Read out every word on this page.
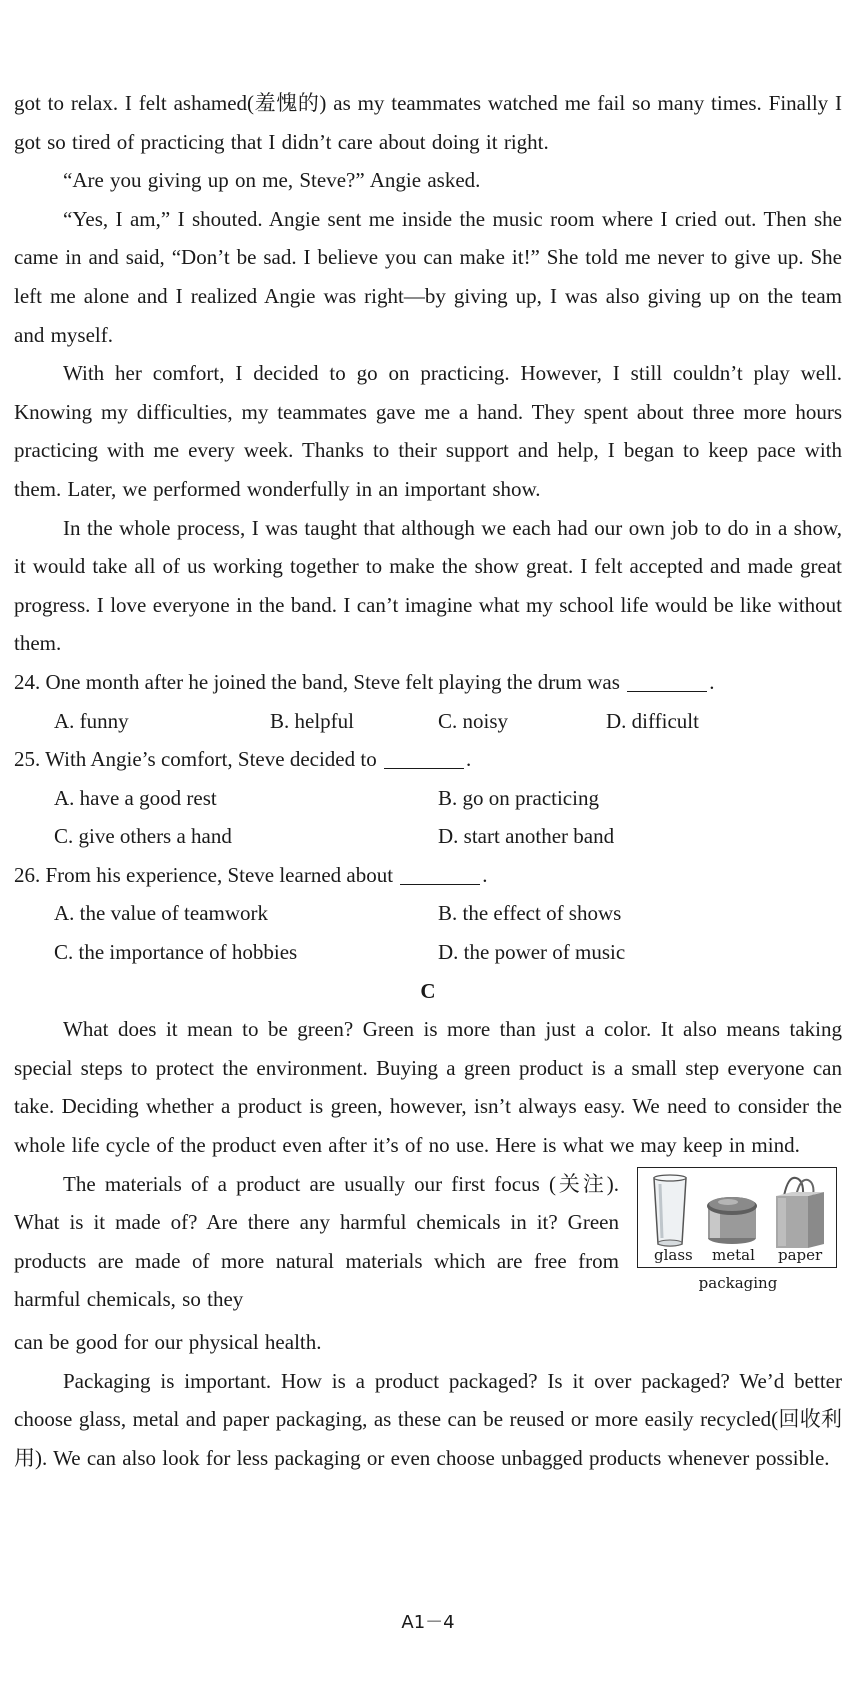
got to relax. I felt ashamed(羞愧的) as my teammates watched me fail so many times. Finally I got so tired of practicing that I didn’t care about doing it right.

“Are you giving up on me, Steve?” Angie asked.

“Yes, I am,” I shouted. Angie sent me inside the music room where I cried out. Then she came in and said, “Don’t be sad. I believe you can make it!” She told me never to give up. She left me alone and I realized Angie was right—by giving up, I was also giving up on the team and myself.

With her comfort, I decided to go on practicing. However, I still couldn’t play well. Knowing my difficulties, my teammates gave me a hand. They spent about three more hours practicing with me every week. Thanks to their support and help, I began to keep pace with them. Later, we performed wonderfully in an important show.

In the whole process, I was taught that although we each had our own job to do in a show, it would take all of us working together to make the show great. I felt accepted and made great progress. I love everyone in the band. I can’t imagine what my school life would be like without them.

24. One month after he joined the band, Steve felt playing the drum was	.

A. funny	B. helpful	C. noisy	D. difficult

25. With Angie’s comfort, Steve decided to	.

A. have a good rest	B. go on practicing
C. give others a hand	D. start another band

26. From his experience, Steve learned about	.

A. the value of teamwork	B. the effect of shows
C. the importance of hobbies	D. the power of music

C

What does it mean to be green? Green is more than just a color. It also means taking special steps to protect the environment. Buying a green product is a small step everyone can take. Deciding whether a product is green, however, isn’t always easy. We need to consider the whole life cycle of the product even after it’s of no use. Here is what we may keep in mind.

The materials of a product are usually our first focus (关注). What is it made of? Are there any harmful chemicals in it? Green products are made of more natural materials which are free from harmful chemicals, so they

glass metal paper
packaging

can be good for our physical health.

Packaging is important. How is a product packaged? Is it over packaged? We’d better choose glass, metal and paper packaging, as these can be reused or more easily recycled(回收利用). We can also look for less packaging or even choose unbagged products whenever possible.

A1－4
